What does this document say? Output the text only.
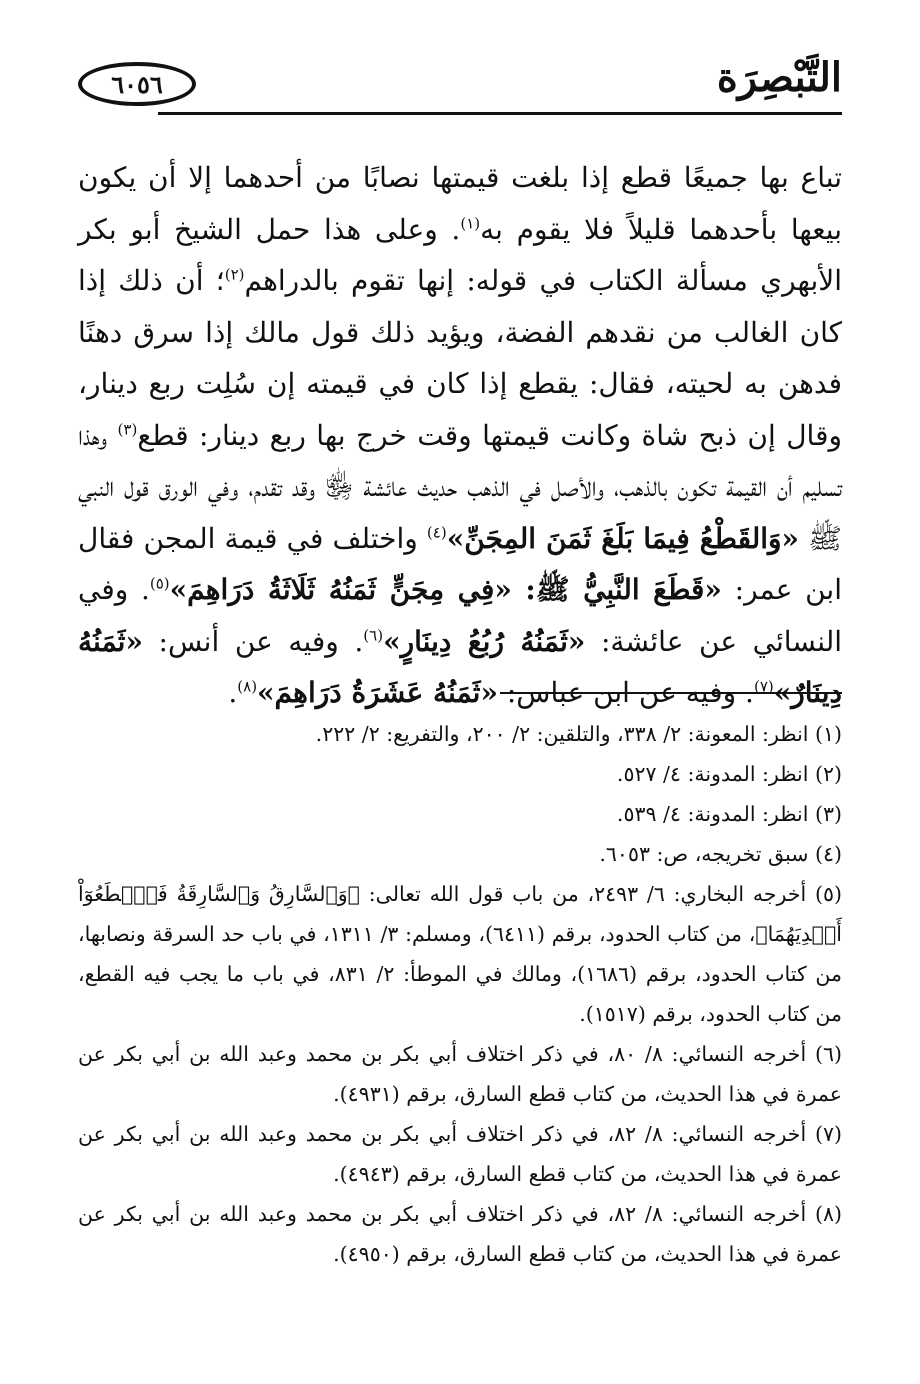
التَّبْصِرَة
٦٠٥٦

تباع بها جميعًا قطع إذا بلغت قيمتها نصابًا من أحدهما إلا أن يكون بيعها بأحدهما قليلاً فلا يقوم به$^{(١)}$. وعلى هذا حمل الشيخ أبو بكر الأبهري مسألة الكتاب في قوله: إنها تقوم بالدراهم$^{(٢)}$؛ أن ذلك إذا كان الغالب من نقدهم الفضة، ويؤيد ذلك قول مالك إذا سرق دهنًا فدهن به لحيته، فقال: يقطع إذا كان في قيمته إن سُلِت ربع دينار، وقال إن ذبح شاة وكانت قيمتها وقت خرج بها ربع دينار: قطع$^{(٣)}$ وهذا تسليم أن القيمة تكون بالذهب، والأصل في الذهب حديث عائشة ﵂ وقد تقدم، وفي الورق قول النبي ﷺ «وَالقَطْعُ فِيمَا بَلَغَ ثَمَنَ المِجَنِّ»$^{(٤)}$ واختلف في قيمة المجن فقال ابن عمر: «قَطَعَ النَّبِيُّ ﷺ: «فِي مِجَنٍّ ثَمَنُهُ ثَلَاثَةُ دَرَاهِمَ»$^{(٥)}$. وفي النسائي عن عائشة: «ثَمَنُهُ رُبُعُ دِينَارٍ»$^{(٦)}$. وفيه عن أنس: «ثَمَنُهُ دِينَارٌ»$^{(٧)}$. وفيه عن ابن عباس: «ثَمَنُهُ عَشَرَةُ دَرَاهِمَ»$^{(٨)}$.

(١) انظر: المعونة: ٢/ ٣٣٨، والتلقين: ٢/ ٢٠٠، والتفريع: ٢/ ٢٢٢.

(٢) انظر: المدونة: ٤/ ٥٢٧.

(٣) انظر: المدونة: ٤/ ٥٣٩.

(٤) سبق تخريجه، ص: ٦٠٥٣.

(٥) أخرجه البخاري: ٦/ ٢٤٩٣، من باب قول الله تعالى: ﴿وَٱلسَّارِقُ وَٱلسَّارِقَةُ فَٱقۡطَعُوٓاْ أَيۡدِيَهُمَا﴾، من كتاب الحدود، برقم (٦٤١١)، ومسلم: ٣/ ١٣١١، في باب حد السرقة ونصابها، من كتاب الحدود، برقم (١٦٨٦)، ومالك في الموطأ: ٢/ ٨٣١، في باب ما يجب فيه القطع، من كتاب الحدود، برقم (١٥١٧).

(٦) أخرجه النسائي: ٨/ ٨٠، في ذكر اختلاف أبي بكر بن محمد وعبد الله بن أبي بكر عن عمرة في هذا الحديث، من كتاب قطع السارق، برقم (٤٩٣١).

(٧) أخرجه النسائي: ٨/ ٨٢، في ذكر اختلاف أبي بكر بن محمد وعبد الله بن أبي بكر عن عمرة في هذا الحديث، من كتاب قطع السارق، برقم (٤٩٤٣).

(٨) أخرجه النسائي: ٨/ ٨٢، في ذكر اختلاف أبي بكر بن محمد وعبد الله بن أبي بكر عن عمرة في هذا الحديث، من كتاب قطع السارق، برقم (٤٩٥٠).
